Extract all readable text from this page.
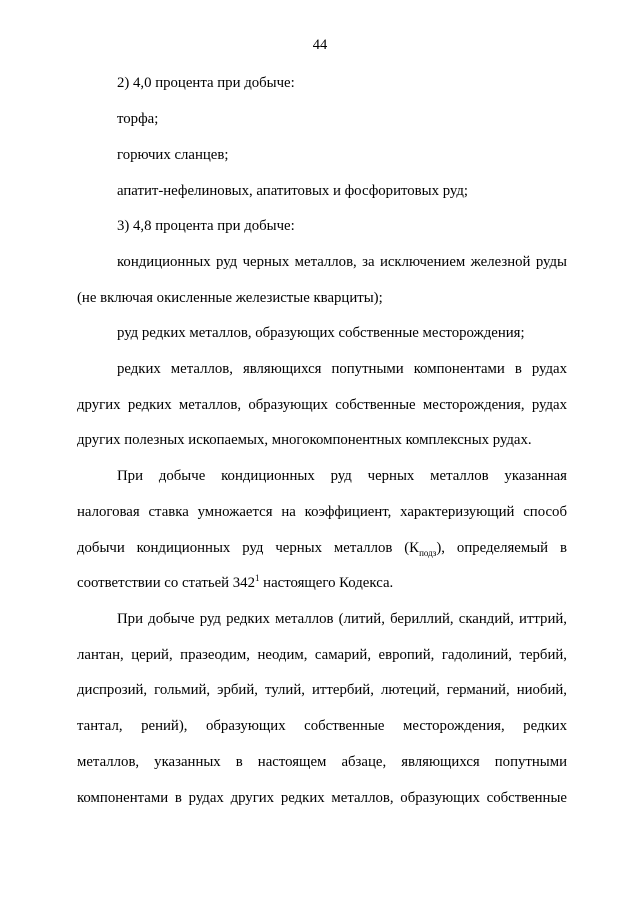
44
2) 4,0 процента при добыче:
торфа;
горючих сланцев;
апатит-нефелиновых, апатитовых и фосфоритовых руд;
3) 4,8 процента при добыче:
кондиционных руд черных металлов, за исключением железной руды
(не включая окисленные железистые кварциты);
руд редких металлов, образующих собственные месторождения;
редких металлов, являющихся попутными компонентами в рудах
других редких металлов, образующих собственные месторождения, рудах
других полезных ископаемых, многокомпонентных комплексных рудах.
При добыче кондиционных руд черных металлов указанная
налоговая ставка умножается на коэффициент, характеризующий способ
добычи кондиционных руд черных металлов $(К_{подз})$, определяемый в
соответствии со статьей $342^1$ настоящего Кодекса.
При добыче руд редких металлов (литий, бериллий, скандий, иттрий,
лантан, церий, празеодим, неодим, самарий, европий, гадолиний, тербий,
диспрозий, гольмий, эрбий, тулий, иттербий, лютеций, германий, ниобий,
тантал, рений), образующих собственные месторождения, редких
металлов, указанных в настоящем абзаце, являющихся попутными
компонентами в рудах других редких металлов, образующих собственные
